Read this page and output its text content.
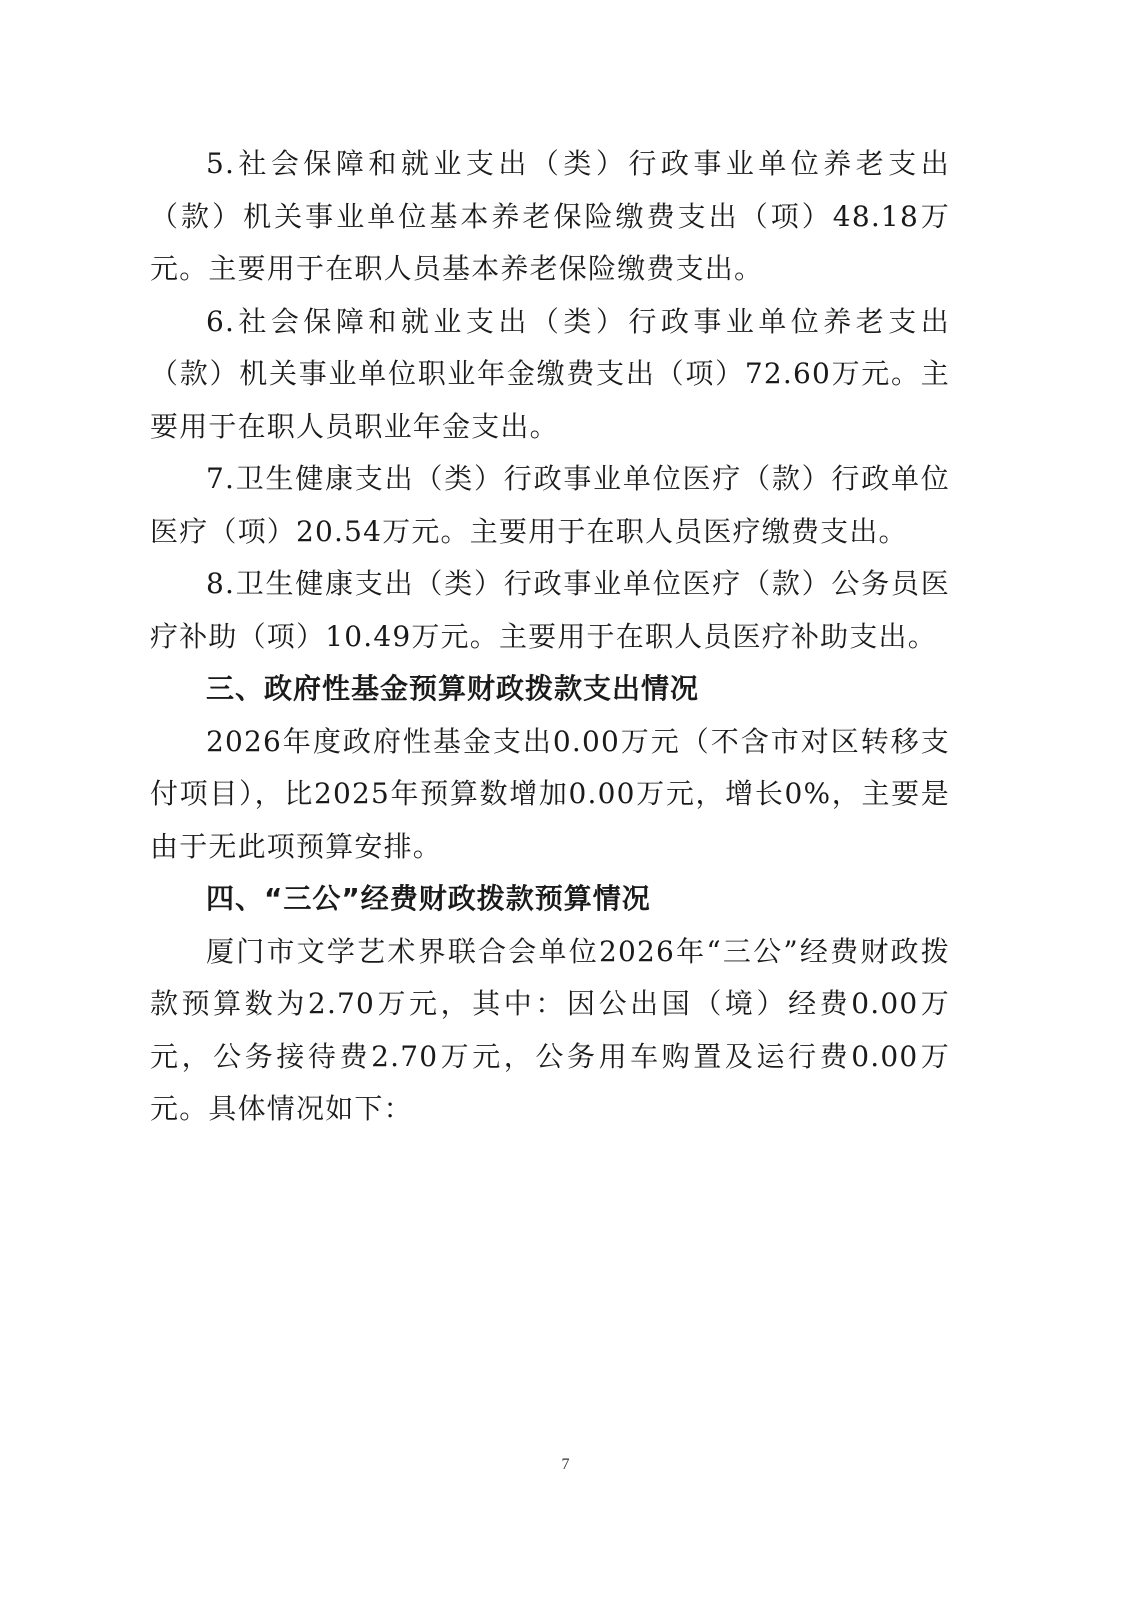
5.社会保障和就业支出（类）行政事业单位养老支出（款）机关事业单位基本养老保险缴费支出（项）48.18万元。主要用于在职人员基本养老保险缴费支出。

6.社会保障和就业支出（类）行政事业单位养老支出（款）机关事业单位职业年金缴费支出（项）72.60万元。主要用于在职人员职业年金支出。

7.卫生健康支出（类）行政事业单位医疗（款）行政单位医疗（项）20.54万元。主要用于在职人员医疗缴费支出。

8.卫生健康支出（类）行政事业单位医疗（款）公务员医疗补助（项）10.49万元。主要用于在职人员医疗补助支出。

三、政府性基金预算财政拨款支出情况

2026年度政府性基金支出0.00万元（不含市对区转移支付项目），比2025年预算数增加0.00万元，增长0%，主要是由于无此项预算安排。

四、“三公”经费财政拨款预算情况

厦门市文学艺术界联合会单位2026年“三公”经费财政拨款预算数为2.70万元，其中：因公出国（境）经费0.00万元，公务接待费2.70万元，公务用车购置及运行费0.00万元。具体情况如下：

7
